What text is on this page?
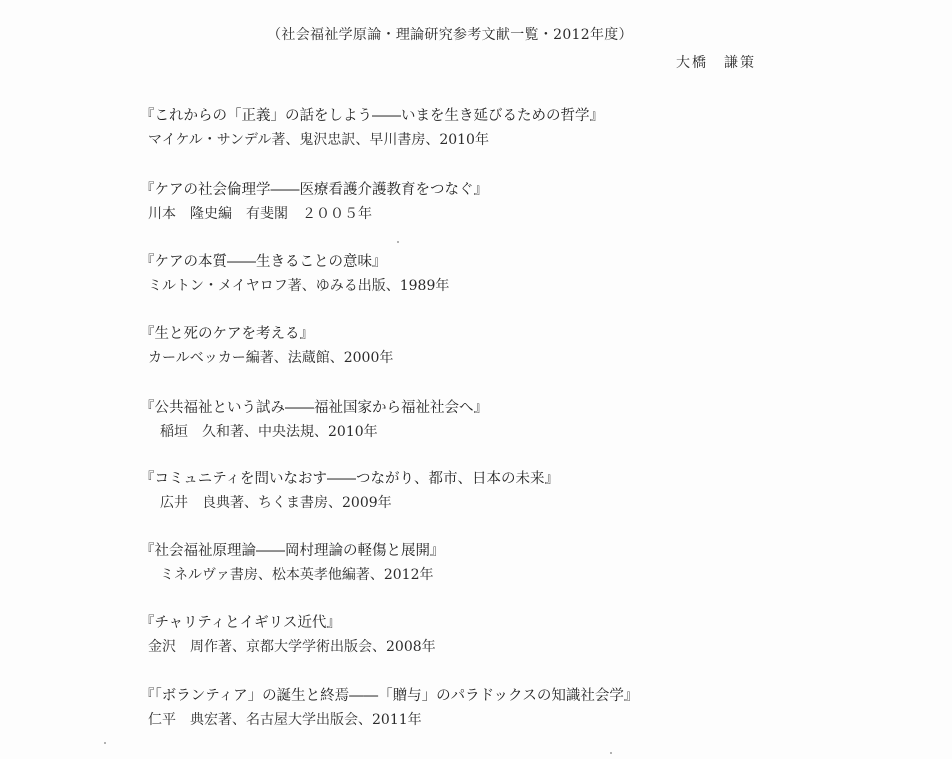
（社会福祉学原論・理論研究参考文献一覧・2012年度）
大橋　謙策
『これからの「正義」の話をしよう――いまを生き延びるための哲学』
マイケル・サンデル著、鬼沢忠訳、早川書房、2010年
『ケアの社会倫理学――医療看護介護教育をつなぐ』
川本　隆史編　有斐閣　２００５年
『ケアの本質――生きることの意味』
ミルトン・メイヤロフ著、ゆみる出版、1989年
『生と死のケアを考える』
カールベッカー編著、法蔵館、2000年
『公共福祉という試み――福祉国家から福祉社会へ』
稲垣　久和著、中央法規、2010年
『コミュニティを問いなおす――つながり、都市、日本の未来』
広井　良典著、ちくま書房、2009年
『社会福祉原理論――岡村理論の軽傷と展開』
ミネルヴァ書房、松本英孝他編著、2012年
『チャリティとイギリス近代』
金沢　周作著、京都大学学術出版会、2008年
『「ボランティア」の誕生と終焉――「贈与」のパラドックスの知識社会学』
仁平　典宏著、名古屋大学出版会、2011年
